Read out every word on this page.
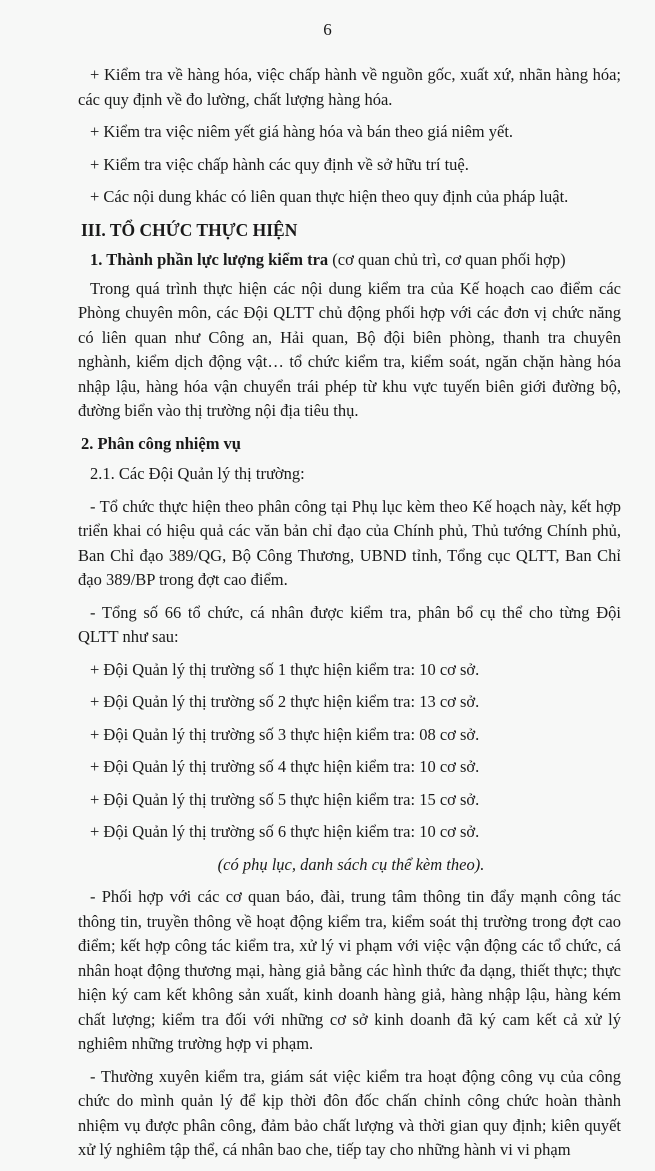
6

+ Kiểm tra về hàng hóa, việc chấp hành về nguồn gốc, xuất xứ, nhãn hàng hóa; các quy định về đo lường, chất lượng hàng hóa.

+ Kiểm tra việc niêm yết giá hàng hóa và bán theo giá niêm yết.

+ Kiểm tra việc chấp hành các quy định về sở hữu trí tuệ.

+ Các nội dung khác có liên quan thực hiện theo quy định của pháp luật.

III. TỔ CHỨC THỰC HIỆN

1. Thành phần lực lượng kiểm tra (cơ quan chủ trì, cơ quan phối hợp)

Trong quá trình thực hiện các nội dung kiểm tra của Kế hoạch cao điểm các Phòng chuyên môn, các Đội QLTT chủ động phối hợp với các đơn vị chức năng có liên quan như Công an, Hải quan, Bộ đội biên phòng, thanh tra chuyên nghành, kiểm dịch động vật… tổ chức kiểm tra, kiểm soát, ngăn chặn hàng hóa nhập lậu, hàng hóa vận chuyển trái phép từ khu vực tuyến biên giới đường bộ, đường biển vào thị trường nội địa tiêu thụ.

2. Phân công nhiệm vụ

2.1. Các Đội Quản lý thị trường:

- Tổ chức thực hiện theo phân công tại Phụ lục kèm theo Kế hoạch này, kết hợp triển khai có hiệu quả các văn bản chỉ đạo của Chính phủ, Thủ tướng Chính phủ, Ban Chỉ đạo 389/QG, Bộ Công Thương, UBND tỉnh, Tổng cục QLTT, Ban Chỉ đạo 389/BP trong đợt cao điểm.

- Tổng số 66 tổ chức, cá nhân được kiểm tra, phân bổ cụ thể cho từng Đội QLTT như sau:

+ Đội Quản lý thị trường số 1 thực hiện kiểm tra: 10 cơ sở.

+ Đội Quản lý thị trường số 2 thực hiện kiểm tra: 13 cơ sở.

+ Đội Quản lý thị trường số 3 thực hiện kiểm tra: 08 cơ sở.

+ Đội Quản lý thị trường số 4 thực hiện kiểm tra: 10 cơ sở.

+ Đội Quản lý thị trường số 5 thực hiện kiểm tra: 15 cơ sở.

+ Đội Quản lý thị trường số 6 thực hiện kiểm tra: 10 cơ sở.

(có phụ lục, danh sách cụ thể kèm theo).

- Phối hợp với các cơ quan báo, đài, trung tâm thông tin đẩy mạnh công tác thông tin, truyền thông về hoạt động kiểm tra, kiểm soát thị trường trong đợt cao điểm; kết hợp công tác kiểm tra, xử lý vi phạm với việc vận động các tổ chức, cá nhân hoạt động thương mại, hàng giả bằng các hình thức đa dạng, thiết thực; thực hiện ký cam kết không sản xuất, kinh doanh hàng giả, hàng nhập lậu, hàng kém chất lượng; kiểm tra đối với những cơ sở kinh doanh đã ký cam kết cả xử lý nghiêm những trường hợp vi phạm.

- Thường xuyên kiểm tra, giám sát việc kiểm tra hoạt động công vụ của công chức do mình quản lý để kịp thời đôn đốc chấn chỉnh công chức hoàn thành nhiệm vụ được phân công, đảm bảo chất lượng và thời gian quy định; kiên quyết xử lý nghiêm tập thể, cá nhân bao che, tiếp tay cho những hành vi vi phạm
